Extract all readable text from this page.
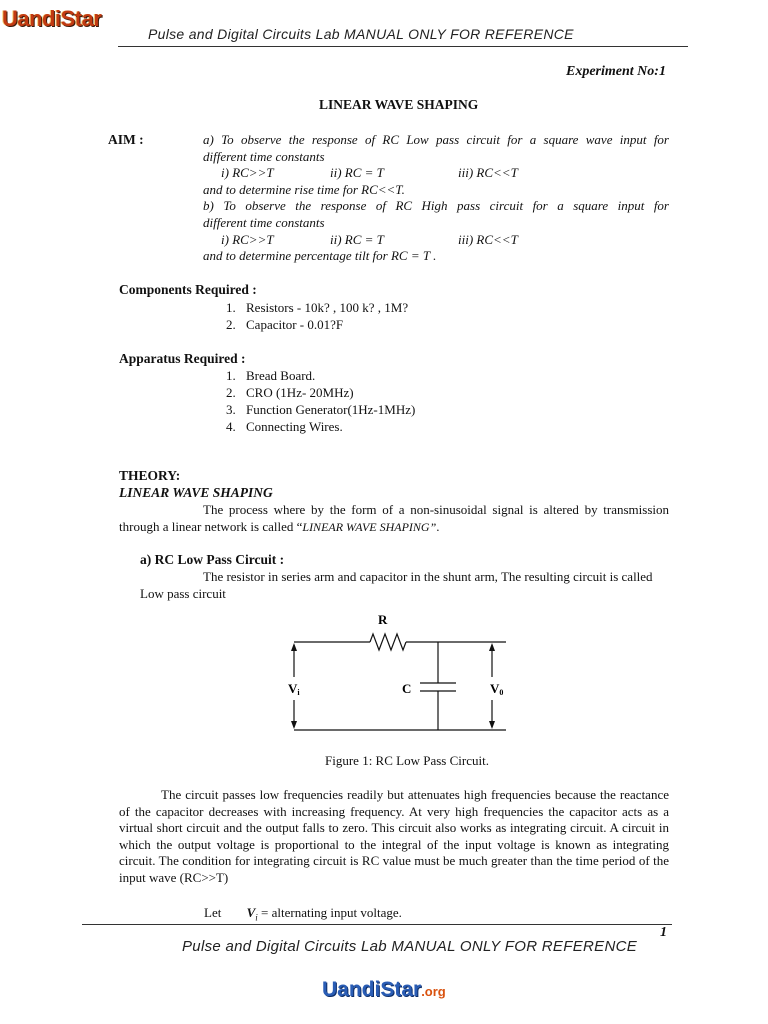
UandiStar
Pulse and Digital Circuits Lab MANUAL ONLY FOR REFERENCE
Experiment No:1
LINEAR WAVE SHAPING
AIM :	a) To observe the response of RC Low pass circuit for a square wave input for
different time constants
i) RC>>T	ii) RC = T	iii) RC<<T
and to determine rise time for RC<<T.
b) To observe the response of RC High pass circuit for a square input for
different time constants
i) RC>>T	ii) RC = T	iii) RC<<T
and to determine percentage tilt for RC = T .
Components Required :
1. Resistors - 10k? , 100 k? , 1M?
2. Capacitor - 0.01?F
Apparatus Required :
1. Bread Board.
2. CRO (1Hz- 20MHz)
3. Function Generator(1Hz-1MHz)
4. Connecting Wires.
THEORY:
LINEAR WAVE SHAPING
The process where by the form of a non-sinusoidal signal is altered by transmission through a linear network is called “LINEAR WAVE SHAPING”.
a) RC Low Pass Circuit :
The resistor in series arm and capacitor in the shunt arm, The resulting circuit is called Low pass circuit
R
C
Vi	V0
Figure 1: RC Low Pass Circuit.
The circuit passes low frequencies readily but attenuates high frequencies because the reactance of the capacitor decreases with increasing frequency. At very high frequencies the capacitor acts as a virtual short circuit and the output falls to zero. This circuit also works as integrating circuit. A circuit in which the output voltage is proportional to the integral of the input voltage is known as integrating circuit. The condition for integrating circuit is RC value must be much greater than the time period of the input wave (RC>>T)
Let $V_i$ = alternating input voltage.
1
Pulse and Digital Circuits Lab MANUAL ONLY FOR REFERENCE
UandiStar.org
